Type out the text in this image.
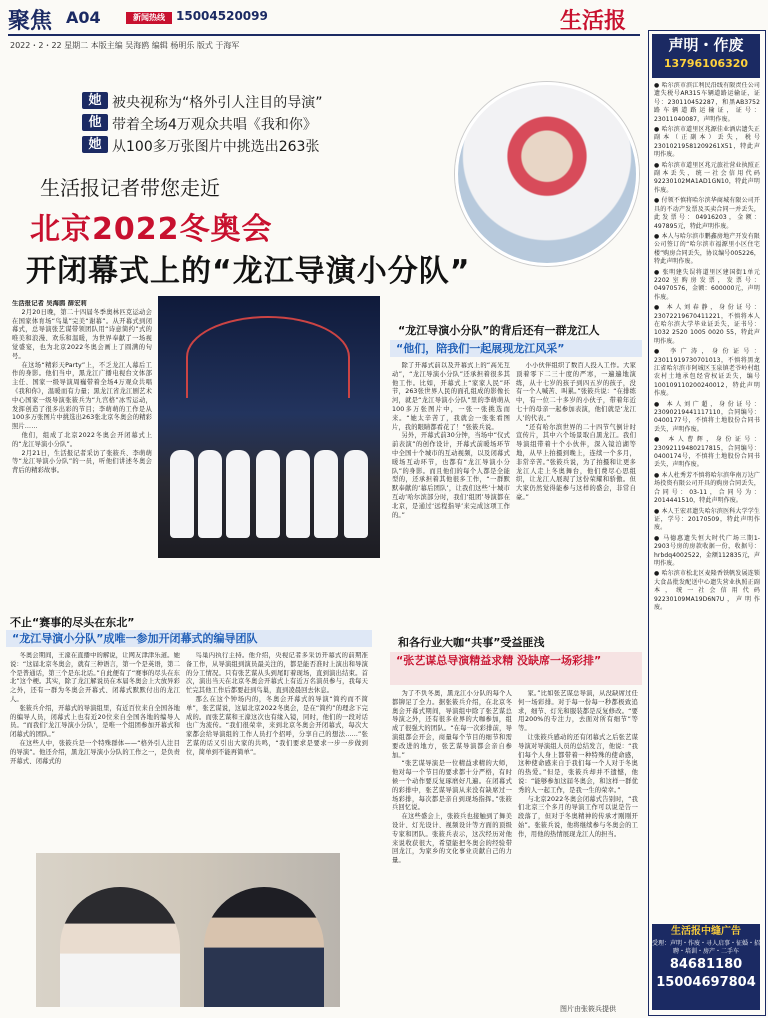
聚焦 A04	新闻热线 15004520099	生活报
2022・2・22 星期二 本版主编 吴海鸥 编辑 杨明乐 版式 于海军
她 被央视称为“格外引人注目的导演”
他 带着全场4万观众共唱《我和你》
她 从100多万张图片中挑选出263张
生活报记者带您走近
北京2022冬奥会
开闭幕式上的“龙江导演小分队”

生活报记者 吴海鸥 薛宏莉

2月20日晚，第二十四届冬季奥林匹克运动会在国家体育场“鸟巢”完美“谢幕”。从开幕式到闭幕式，总导演张艺谋带领团队用“诗意简约”式的唯美和浪漫、欢乐和温暖，为世界奉献了一场视觉盛宴，也为北京2022冬奥会画上了圆满的句号。

在这场“精彩天Party”上，不乏龙江人幕后工作的身影。他们当中，黑龙江广播电视台文体部主任、国家一级导演周巍带着全场4万观众共唱《我和你》，温暖而有力量；黑龙江省龙江剧艺术中心国家一级导演张筱兵为“九宫格”冰雪运动，发挥创造了很多出彩的节目；李萌萌的工作是从100多万张图片中挑选出263张北京冬奥会的精彩照片……

他们，组成了北京2022冬奥会开闭幕式上的“龙江导演小分队”。

2月21日，生活报记者采访了张筱兵、李萌萌等“龙江导演小分队”的一员，听他们讲述冬奥会背后的精彩故事。

“龙江导演小分队”的背后还有一群龙江人
“他们，陪我们一起展现龙江风采”

除了开幕式前以及开幕式上的“高光互动”，“龙江导演小分队”还承担着很多其他工作。比如，开幕式上“家家人民”环节，263张世界人民的面孔组成的影像长河，就是“龙江导演小分队”里的李萌萌从100多万张图片中，一张一张挑选而来。“她太辛苦了，我就会一张张看图片，我的眼睛都看花了！”张筱兵说。

另外，开幕式前30分钟，当场中“仪式前表演”的创作设计，开幕式前暖场环节中全国十个城市的互动视频，以及闭幕式暖场互动环节，也都有“龙江导演小分队”的身影。而且他们的每个人都是全能型的，还承担着其他很多工作，“一群默默奉献的‘幕后团队’，让我们这些‘十城市互动’哈尔滨部分时，我们‘组团’导演都在北京，是通过‘远程指导’来完成这项工作的。”

小小伙伴组织了数百人投入工作。大家顶着零下二三十度的严寒，一遍遍地演练，从十七岁的孩子到四五岁的孩子，没有一个人喊苦、叫累。”张筱兵说：“在排练中，有一位二十多岁的小伙子，带着年近七十的母亲一起参加表演，他们就是‘龙江人’的代表。”

“还有哈尔滨世界的二十四节气倒计时宣传片，其中六个场景取自黑龙江。我们导演组带着十个小伙伴，深入镜泊湖等地，从早上拍摄到晚上，连续一个多月，非常辛苦。”张筱兵说，为了拍摄和让更多龙江人走上冬奥舞台，他们费尽心思组织，让龙江人展现了这份荣耀和骄傲。但大家仍然觉得能参与这样的盛会，非常自豪。”

不止“赛事的尽头在东北”
“龙江导演小分队”成唯一参加开闭幕式的编导团队

冬奥会期间，王濛在直播中的解说，让网友津津乐道。她说：“这届北京冬奥会，就有三种语言，第一个是英语，第二个是普通话，第三个是东北话。”自此便有了“赛事的尽头在东北”这个梗。其实，除了龙江解说员在本届冬奥会上大放异彩之外，还有一群为冬奥会开幕式、闭幕式默默付出的龙江人。

张筱兵介绍，开幕式的导演组里，有近百位来自全国各地的编导人员，闭幕式上也有近20位来自全国各地的编导人员。“而我们‘龙江导演小分队’，是唯一个组团参加开幕式和闭幕式的团队。”

在这些人中，张筱兵是一个特殊群体——“格外引人注目的导演”。他还介绍，黑龙江导演小分队的工作之一，是负责开幕式、闭幕式的

鸟巢内执行主持。他介绍，央视记者多采访开幕式的前期准备工作，从导演组到演员最关注的，都是能否准时上演出和导演的分工情况。只有张艺谋从头到尾盯着现场，直到演出结束。首次，演出当天在北京冬奥会开幕式上有近万名演员参与，我每天忙完其他工作后都要赶到鸟巢，直到凌晨回去休息。

那么在这个钟场内的，冬奥会开幕式的导演“简约而不简单”，张艺谋说，这届北京2022冬奥会，是在“简约”的理念下完成的。而张艺谋和王濛这次也有缘入镜，同时，他们的一段对话也广为流传。“我们很荣幸，来到北京冬奥会开闭幕式，每次大家都会给导演组的工作人员打个招呼，分享自己的想法……”张艺谋的话又引出大家的共鸣，“我们要求是要求一步一步做到位，简单到不能再简单”。

和各行业大咖“共事”受益匪浅
“张艺谋总导演精益求精 没缺席一场彩排”

为了不负冬奥，黑龙江小分队的每个人都铆足了全力。据张筱兵介绍，在北京冬奥会开幕式期间，导演组中除了张艺谋总导演之外，还有很多业界的大咖参加，组成了很强大的团队。“在每一次彩排前，导演组都会开会，商量每个节目的细节和需要改进的地方，张艺谋导演都会亲自参加。”

“张艺谋导演是一位精益求精的大师，他对每一个节目的要求都十分严格，有时候一个动作要反复琢磨好几遍。在闭幕式的彩排中，张艺谋导演从来没有缺席过一场彩排，每次都是亲自到现场指挥。”张筱兵回忆说。

在这些盛会上，张筱兵也接触到了舞美设计、灯光设计、视频设计等方面的顶级专家和团队。张筱兵表示，这次经历对他来说收获很大，希望能把冬奥会的经验带回龙江，为家乡的文化事业贡献自己的力量。

家。”比如张艺谋总导演，从没缺席过任何一场彩排。对于每一份每一秒都极致追求，细节、灯光和服装都是反复修改。“要用200%的专注力，去面对所有细节”等等。

让张筱兵感动的还有闭幕式之后张艺谋导演对导演组人员的总结发言，他说：“我们每个人身上都带着一种特殊的使命感，这种使命感来自于我们每一个人对于冬奥的热爱。”但是，张筱兵却并不遗憾，他说：“能够参加这届冬奥会，和这样一群优秀的人一起工作，是我一生的荣幸。”

与北京2022冬奥会闭幕式告别时，“我们北京三个多月的导演工作可以说是告一段落了，但对于冬奥精神的传承才刚刚开始”。张筱兵说，他将继续参与冬奥会的工作，用他的热情展现龙江人的担当。

图片由张筱兵提供
声明・作废
13796106320

● 哈尔滨市滨江利民沿线有限责任公司遗失税号AR315车辆道路运输证，证号：230110452287，和黑AB3752路车辆道路运输证，证号：23011040087，声明作废。

● 哈尔滨市道里区兆源佳业酒店遗失正副本（正副本）丢失，税号23010219581209261X51，特此声明作废。

● 哈尔滨市道里区兆元旅社营业执照正副本丢失，统一社会信用代码92230102MA1AD1GN10，特此声明作废。

● 付领不慎将哈尔滨华商城有限公司开具的不动产发票及买卖合同一并丢失，此发票号：04916203，金额：497895元，特此声明作废。

● 本人与哈尔滨市鹏鑫房地产开发有限公司签订的“哈尔滨市福源里小区住宅楼”购房合同丢失，协议编号005226，特此声明作废。

● 张明建失误将道里区建国街1单元2202室购房发票，发票号：04970576，金额：600000元，声明作废。

● 本人刘春静，身份证号：23072219670411221，不慎将本人在哈尔滨大学毕业证丢失，证书号：1032 2520 1005 0020 55，特此声明作废。

● 李广涛，身份证号：23011919730701013，不慎将黑龙江省哈尔滨市阿城区玉泉镇老爷岭村组农村土地承包经营权证丢失，编号100109110200240012，特此声明作废。

● 本人刘广超，身份证号：23090219441117110，合同编号：0400177号，不慎将土地股份合同书丢失，声明作废。

● 本人曹辉，身份证号：23092119480217815，合同编号：0400174号，不慎将土地股份合同书丢失，声明作废。

● 本人杜秀芳不慎将哈尔滨华南万达广场投资有限公司开具的购房合同丢失，合同号：03-11，合同号为：2014441510，特此声明作废。

● 本人王宏君遗失哈尔滨医科大学学生证，学号：20170509，特此声明作废。

● 马德惠遗失恒大时代广场三期1-2903号房的房款收据一份，收据号：hrbdq4002522，金额112835元，声明作废。

● 哈尔滨市松北区麦隆香铁帆发展连锁大食品批发配送中心遗失营业执照正副本，统一社会信用代码92230109MA19D6N7U，声明作废。

生活报中缝广告
受理：声明・作废・寻人启事・征婚・招聘・培训・房产・二手车
84681180
15004697804
